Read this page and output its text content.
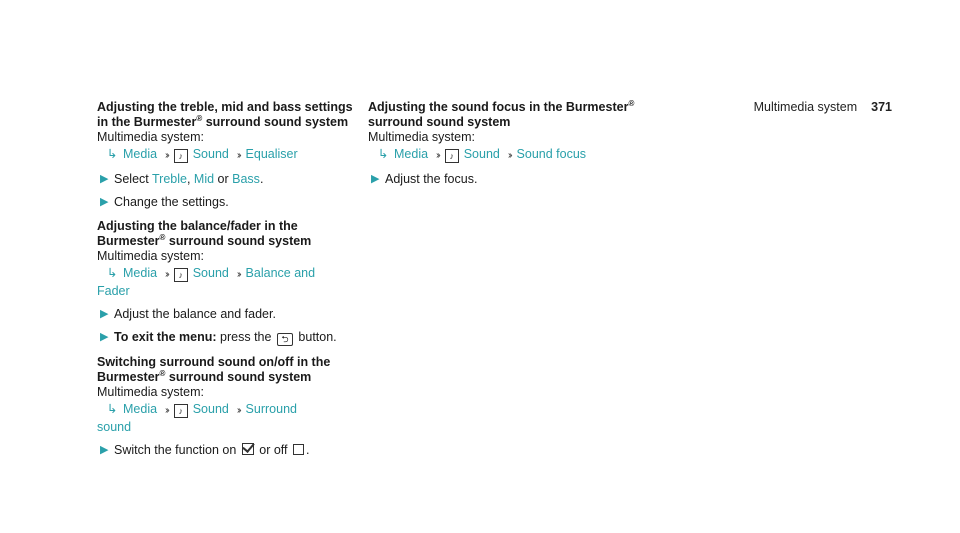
Multimedia system 371
Adjusting the treble, mid and bass settings
in the Burmester® surround sound system
Multimedia system:
↳ Media ››♪ Sound ››Equaliser
▶ Select Treble, Mid or Bass.
▶ Change the settings.
Adjusting the balance/fader in the
Burmester® surround sound system
Multimedia system:
↳ Media ››♪ Sound ››Balance and
Fader
▶ Adjust the balance and fader.
▶ To exit the menu: press the ⮌ button.
Switching surround sound on/off in the
Burmester® surround sound system
Multimedia system:
↳ Media ››♪ Sound ››Surround
sound
▶ Switch the function on  or off .
Adjusting the sound focus in the Burmester®
surround sound system
Multimedia system:
↳ Media ››♪ Sound ››Sound focus
▶ Adjust the focus.
